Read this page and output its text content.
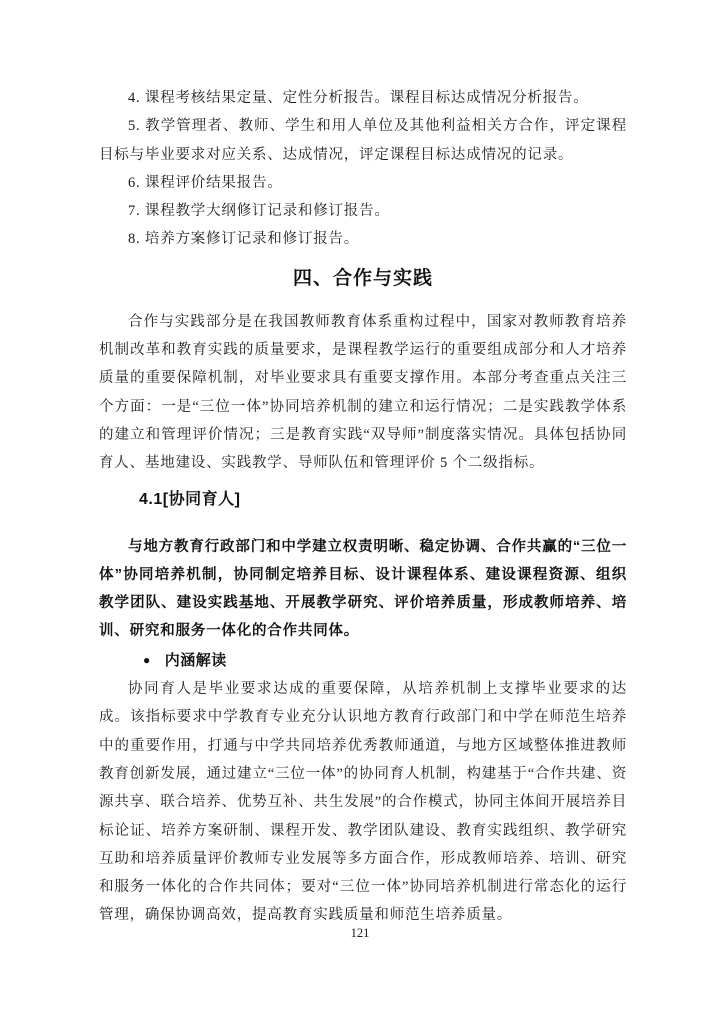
4. 课程考核结果定量、定性分析报告。课程目标达成情况分析报告。

5. 教学管理者、教师、学生和用人单位及其他利益相关方合作，评定课程目标与毕业要求对应关系、达成情况，评定课程目标达成情况的记录。

6. 课程评价结果报告。

7. 课程教学大纲修订记录和修订报告。

8. 培养方案修订记录和修订报告。

四、合作与实践

合作与实践部分是在我国教师教育体系重构过程中，国家对教师教育培养机制改革和教育实践的质量要求，是课程教学运行的重要组成部分和人才培养质量的重要保障机制，对毕业要求具有重要支撑作用。本部分考查重点关注三个方面：一是“三位一体”协同培养机制的建立和运行情况；二是实践教学体系的建立和管理评价情况；三是教育实践“双导师”制度落实情况。具体包括协同育人、基地建设、实践教学、导师队伍和管理评价 5 个二级指标。

4.1[协同育人]

与地方教育行政部门和中学建立权责明晰、稳定协调、合作共赢的“三位一体”协同培养机制，协同制定培养目标、设计课程体系、建设课程资源、组织教学团队、建设实践基地、开展教学研究、评价培养质量，形成教师培养、培训、研究和服务一体化的合作共同体。

● 内涵解读

协同育人是毕业要求达成的重要保障，从培养机制上支撑毕业要求的达成。该指标要求中学教育专业充分认识地方教育行政部门和中学在师范生培养中的重要作用，打通与中学共同培养优秀教师通道，与地方区域整体推进教师教育创新发展，通过建立“三位一体”的协同育人机制，构建基于“合作共建、资源共享、联合培养、优势互补、共生发展”的合作模式，协同主体间开展培养目标论证、培养方案研制、课程开发、教学团队建设、教育实践组织、教学研究互助和培养质量评价教师专业发展等多方面合作，形成教师培养、培训、研究和服务一体化的合作共同体；要对“三位一体”协同培养机制进行常态化的运行管理，确保协调高效，提高教育实践质量和师范生培养质量。

121
